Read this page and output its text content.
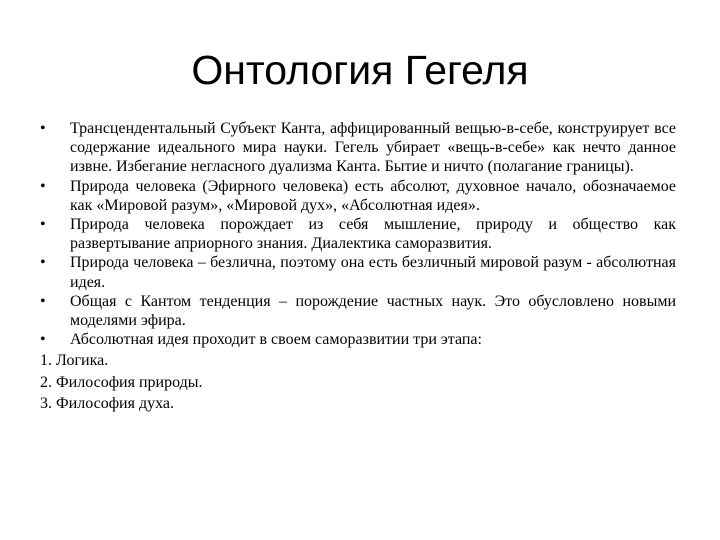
Онтология Гегеля

•	Трансцендентальный Субъект Канта, аффицированный вещью-в-себе, конструирует все содержание идеального мира науки. Гегель убирает «вещь-в-себе» как нечто данное извне. Избегание негласного дуализма Канта. Бытие и ничто (полагание границы).

•	Природа человека (Эфирного человека) есть абсолют, духовное начало, обозначаемое как «Мировой разум», «Мировой дух», «Абсолютная идея».

•	Природа человека порождает из себя мышление, природу и общество как развертывание априорного знания. Диалектика саморазвития.

•	Природа человека – безлична, поэтому она есть безличный мировой разум - абсолютная идея.

•	Общая с Кантом тенденция – порождение частных наук. Это обусловлено новыми моделями эфира.

•	Абсолютная идея проходит в своем саморазвитии три этапа:

1. Логика.

2. Философия природы.

3. Философия духа.
